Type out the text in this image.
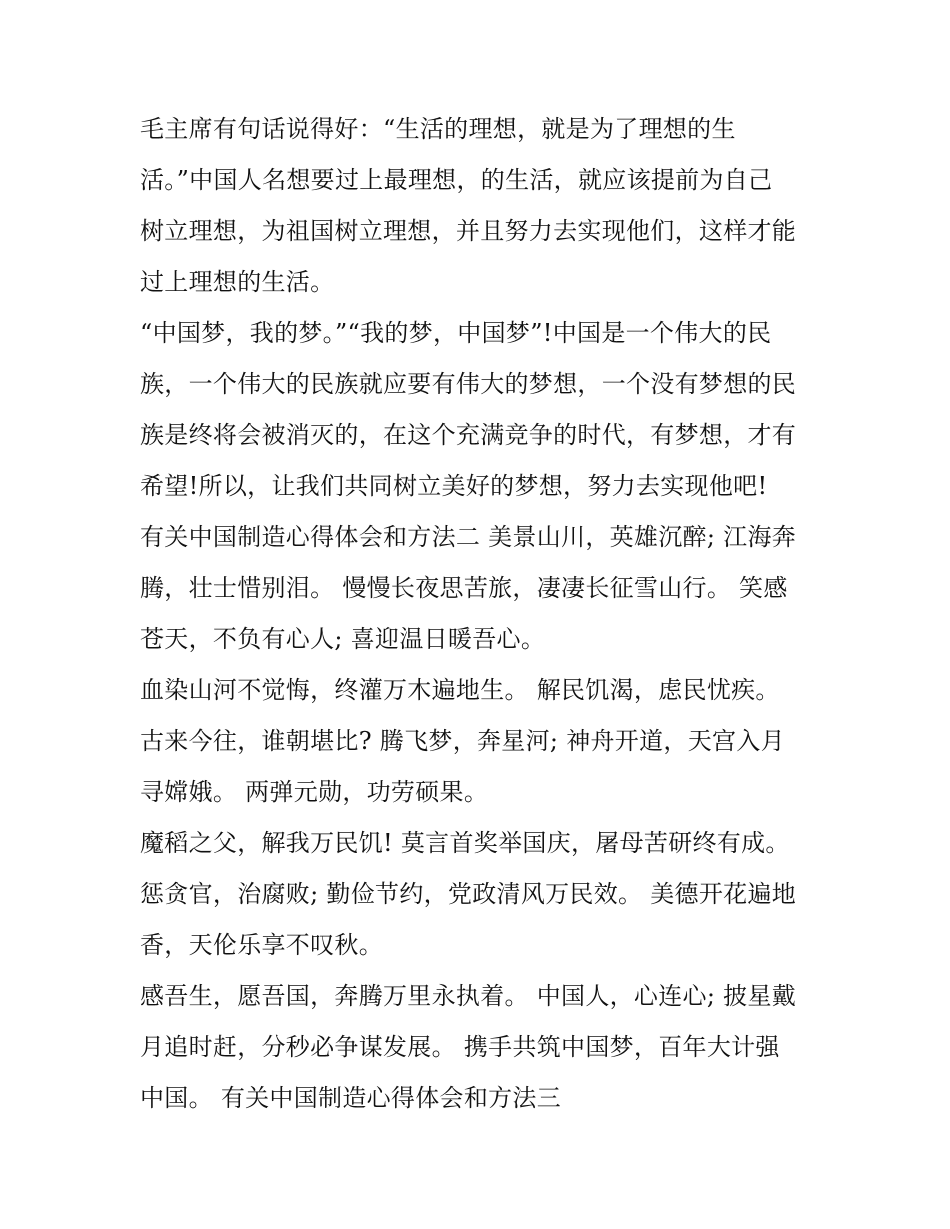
毛主席有句话说得好：“生活的理想，就是为了理想的生
活。”中国人名想要过上最理想，的生活，就应该提前为自己
树立理想，为祖国树立理想，并且努力去实现他们，这样才能
过上理想的生活。
“中国梦，我的梦。”“我的梦，中国梦”!中国是一个伟大的民
族，一个伟大的民族就应要有伟大的梦想，一个没有梦想的民
族是终将会被消灭的，在这个充满竞争的时代，有梦想，才有
希望!所以，让我们共同树立美好的梦想，努力去实现他吧!
有关中国制造心得体会和方法二 美景山川，英雄沉醉; 江海奔
腾，壮士惜别泪。 慢慢长夜思苦旅，凄凄长征雪山行。 笑感
苍天，不负有心人; 喜迎温日暖吾心。
血染山河不觉悔，终灌万木遍地生。 解民饥渴，虑民忧疾。
古来今往，谁朝堪比? 腾飞梦，奔星河; 神舟开道，天宫入月
寻嫦娥。 两弹元勋，功劳硕果。
魔稻之父，解我万民饥! 莫言首奖举国庆，屠母苦研终有成。
惩贪官，治腐败; 勤俭节约，党政清风万民效。 美德开花遍地
香，天伦乐享不叹秋。
感吾生，愿吾国，奔腾万里永执着。 中国人，心连心; 披星戴
月追时赶，分秒必争谋发展。 携手共筑中国梦，百年大计强
中国。 有关中国制造心得体会和方法三
